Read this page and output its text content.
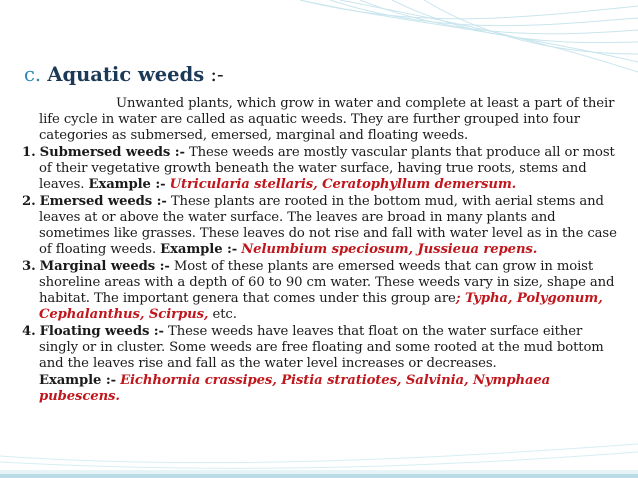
c. Aquatic weeds :-

Unwanted plants, which grow in water and complete at least a part of their life cycle in water are called as aquatic weeds. They are further grouped into four categories as submersed, emersed, marginal and floating weeds.

1. Submersed weeds :- These weeds are mostly vascular plants that produce all or most of their vegetative growth beneath the water surface, having true roots, stems and leaves. Example :- Utricularia stellaris, Ceratophyllum demersum.

2. Emersed weeds :- These plants are rooted in the bottom mud, with aerial stems and leaves at or above the water surface. The leaves are broad in many plants and sometimes like grasses. These leaves do not rise and fall with water level as in the case of floating weeds. Example :- Nelumbium speciosum, Jussieua repens.

3. Marginal weeds :- Most of these plants are emersed weeds that can grow in moist shoreline areas with a depth of 60 to 90 cm water. These weeds vary in size, shape and habitat. The important genera that comes under this group are; Typha, Polygonum, Cephalanthus, Scirpus, etc.

4. Floating weeds :- These weeds have leaves that float on the water surface either singly or in cluster. Some weeds are free floating and some rooted at the mud bottom and the leaves rise and fall as the water level increases or decreases.

Example :- Eichhornia crassipes, Pistia stratiotes, Salvinia, Nymphaea pubescens.
